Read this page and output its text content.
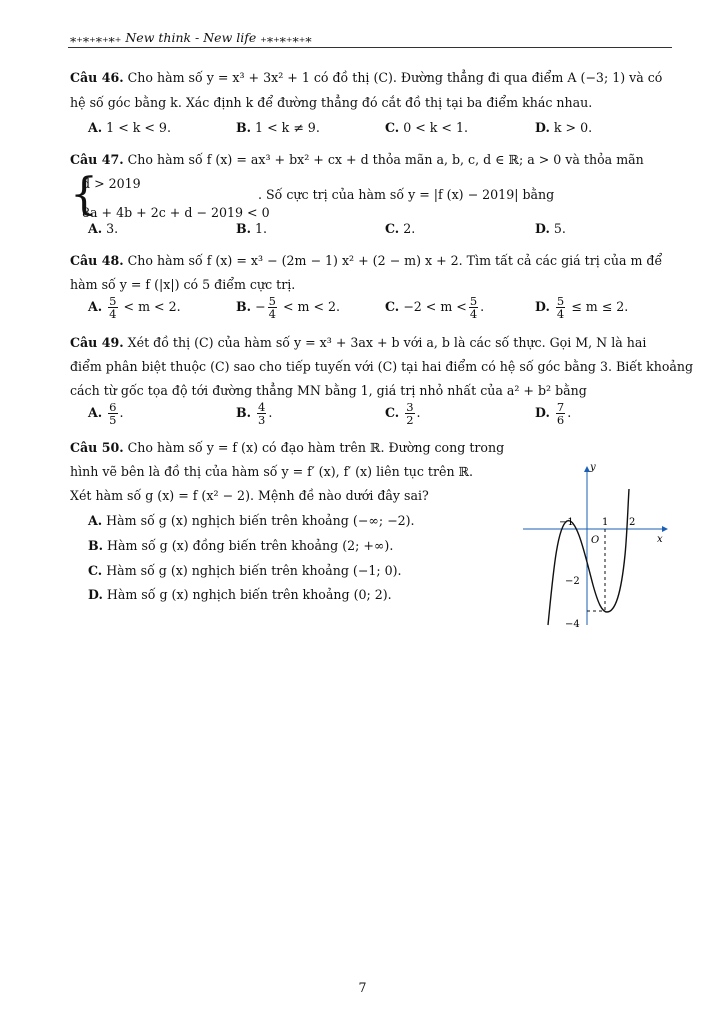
⁎₊⁎₊⁎₊⁎₊ New think - New life ₊⁎₊⁎₊⁎₊⁎
Câu 46. Cho hàm số y = x³ + 3x² + 1 có đồ thị (C). Đường thẳng đi qua điểm A (−3; 1) và có
hệ số góc bằng k. Xác định k để đường thẳng đó cắt đồ thị tại ba điểm khác nhau.
A. 1 < k < 9.	B. 1 < k ≠ 9.	C. 0 < k < 1.	D. k > 0.
Câu 47. Cho hàm số f (x) = ax³ + bx² + cx + d thỏa mãn a, b, c, d ∈ ℝ; a > 0 và thỏa mãn
{
d > 2019
8a + 4b + 2c + d − 2019 < 0
. Số cực trị của hàm số y = |f (x) − 2019| bằng
A. 3.	B. 1.	C. 2.	D. 5.
Câu 48. Cho hàm số f (x) = x³ − (2m − 1) x² + (2 − m) x + 2. Tìm tất cả các giá trị của m để
hàm số y = f (|x|) có 5 điểm cực trị.
A. $\frac{5}{4} < m < 2$.	B. − $\frac{5}{4} < m < 2$.	C. $-2 < m < \frac{5}{4}$ .	D. $\frac{5}{4} \le m \le 2$.
Câu 49. Xét đồ thị (C) của hàm số y = x³ + 3ax + b với a, b là các số thực. Gọi M, N là hai
điểm phân biệt thuộc (C) sao cho tiếp tuyến với (C) tại hai điểm có hệ số góc bằng 3. Biết khoảng
cách từ gốc tọa độ tới đường thẳng MN bằng 1, giá trị nhỏ nhất của a² + b² bằng
A. $\frac{6}{5}$ .	B. $\frac{4}{3}$ .	C. $\frac{3}{2}$ .	D. $\frac{7}{6}$ .
Câu 50. Cho hàm số y = f (x) có đạo hàm trên ℝ. Đường cong trong
hình vẽ bên là đồ thị của hàm số y = f′ (x), f′ (x) liên tục trên ℝ.
Xét hàm số g (x) = f (x² − 2). Mệnh đề nào dưới đây sai?
A. Hàm số g (x) nghịch biến trên khoảng (−∞; −2).
B. Hàm số g (x) đồng biến trên khoảng (2; +∞).
C. Hàm số g (x) nghịch biến trên khoảng (−1; 0).
D. Hàm số g (x) nghịch biến trên khoảng (0; 2).
y
x
O
−1	1 2
−2
−4
7
